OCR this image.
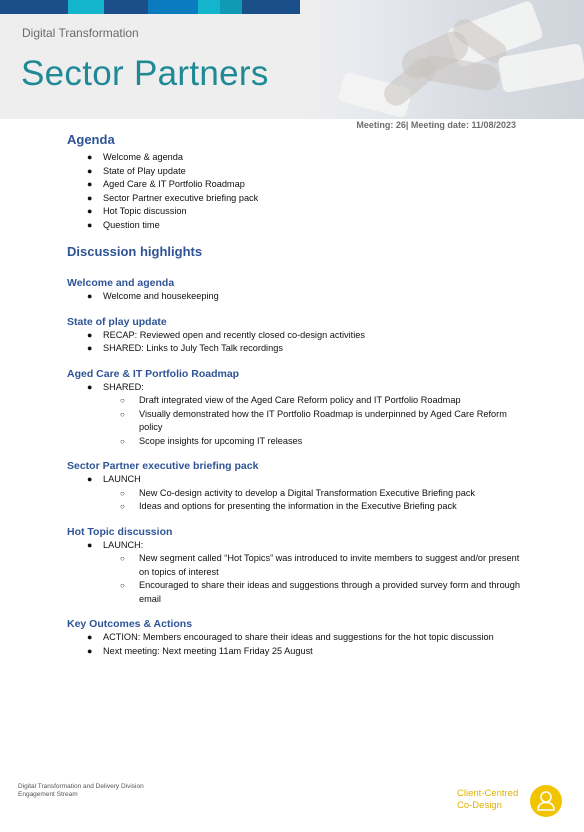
Digital Transformation
Sector Partners
Meeting: 26| Meeting date: 11/08/2023
Agenda
● Welcome & agenda
● State of Play update
● Aged Care & IT Portfolio Roadmap
● Sector Partner executive briefing pack
● Hot Topic discussion
● Question time
Discussion highlights
Welcome and agenda
● Welcome and housekeeping
State of play update
● RECAP: Reviewed open and recently closed co-design activities
● SHARED: Links to July Tech Talk recordings
Aged Care & IT Portfolio Roadmap
● SHARED:
○ Draft integrated view of the Aged Care Reform policy and IT Portfolio Roadmap
○ Visually demonstrated how the IT Portfolio Roadmap is underpinned by Aged Care Reform policy
○ Scope insights for upcoming IT releases
Sector Partner executive briefing pack
● LAUNCH
○ New Co-design activity to develop a Digital Transformation Executive Briefing pack
○ Ideas and options for presenting the information in the Executive Briefing pack
Hot Topic discussion
● LAUNCH:
○ New segment called “Hot Topics” was introduced to invite members to suggest and/or present on topics of interest
○ Encouraged to share their ideas and suggestions through a provided survey form and through email
Key Outcomes & Actions
● ACTION: Members encouraged to share their ideas and suggestions for the hot topic discussion
● Next meeting: Next meeting 11am Friday 25 August
Digital Transformation and Delivery Division
Engagement Stream	Client-Centred
Co-Design
